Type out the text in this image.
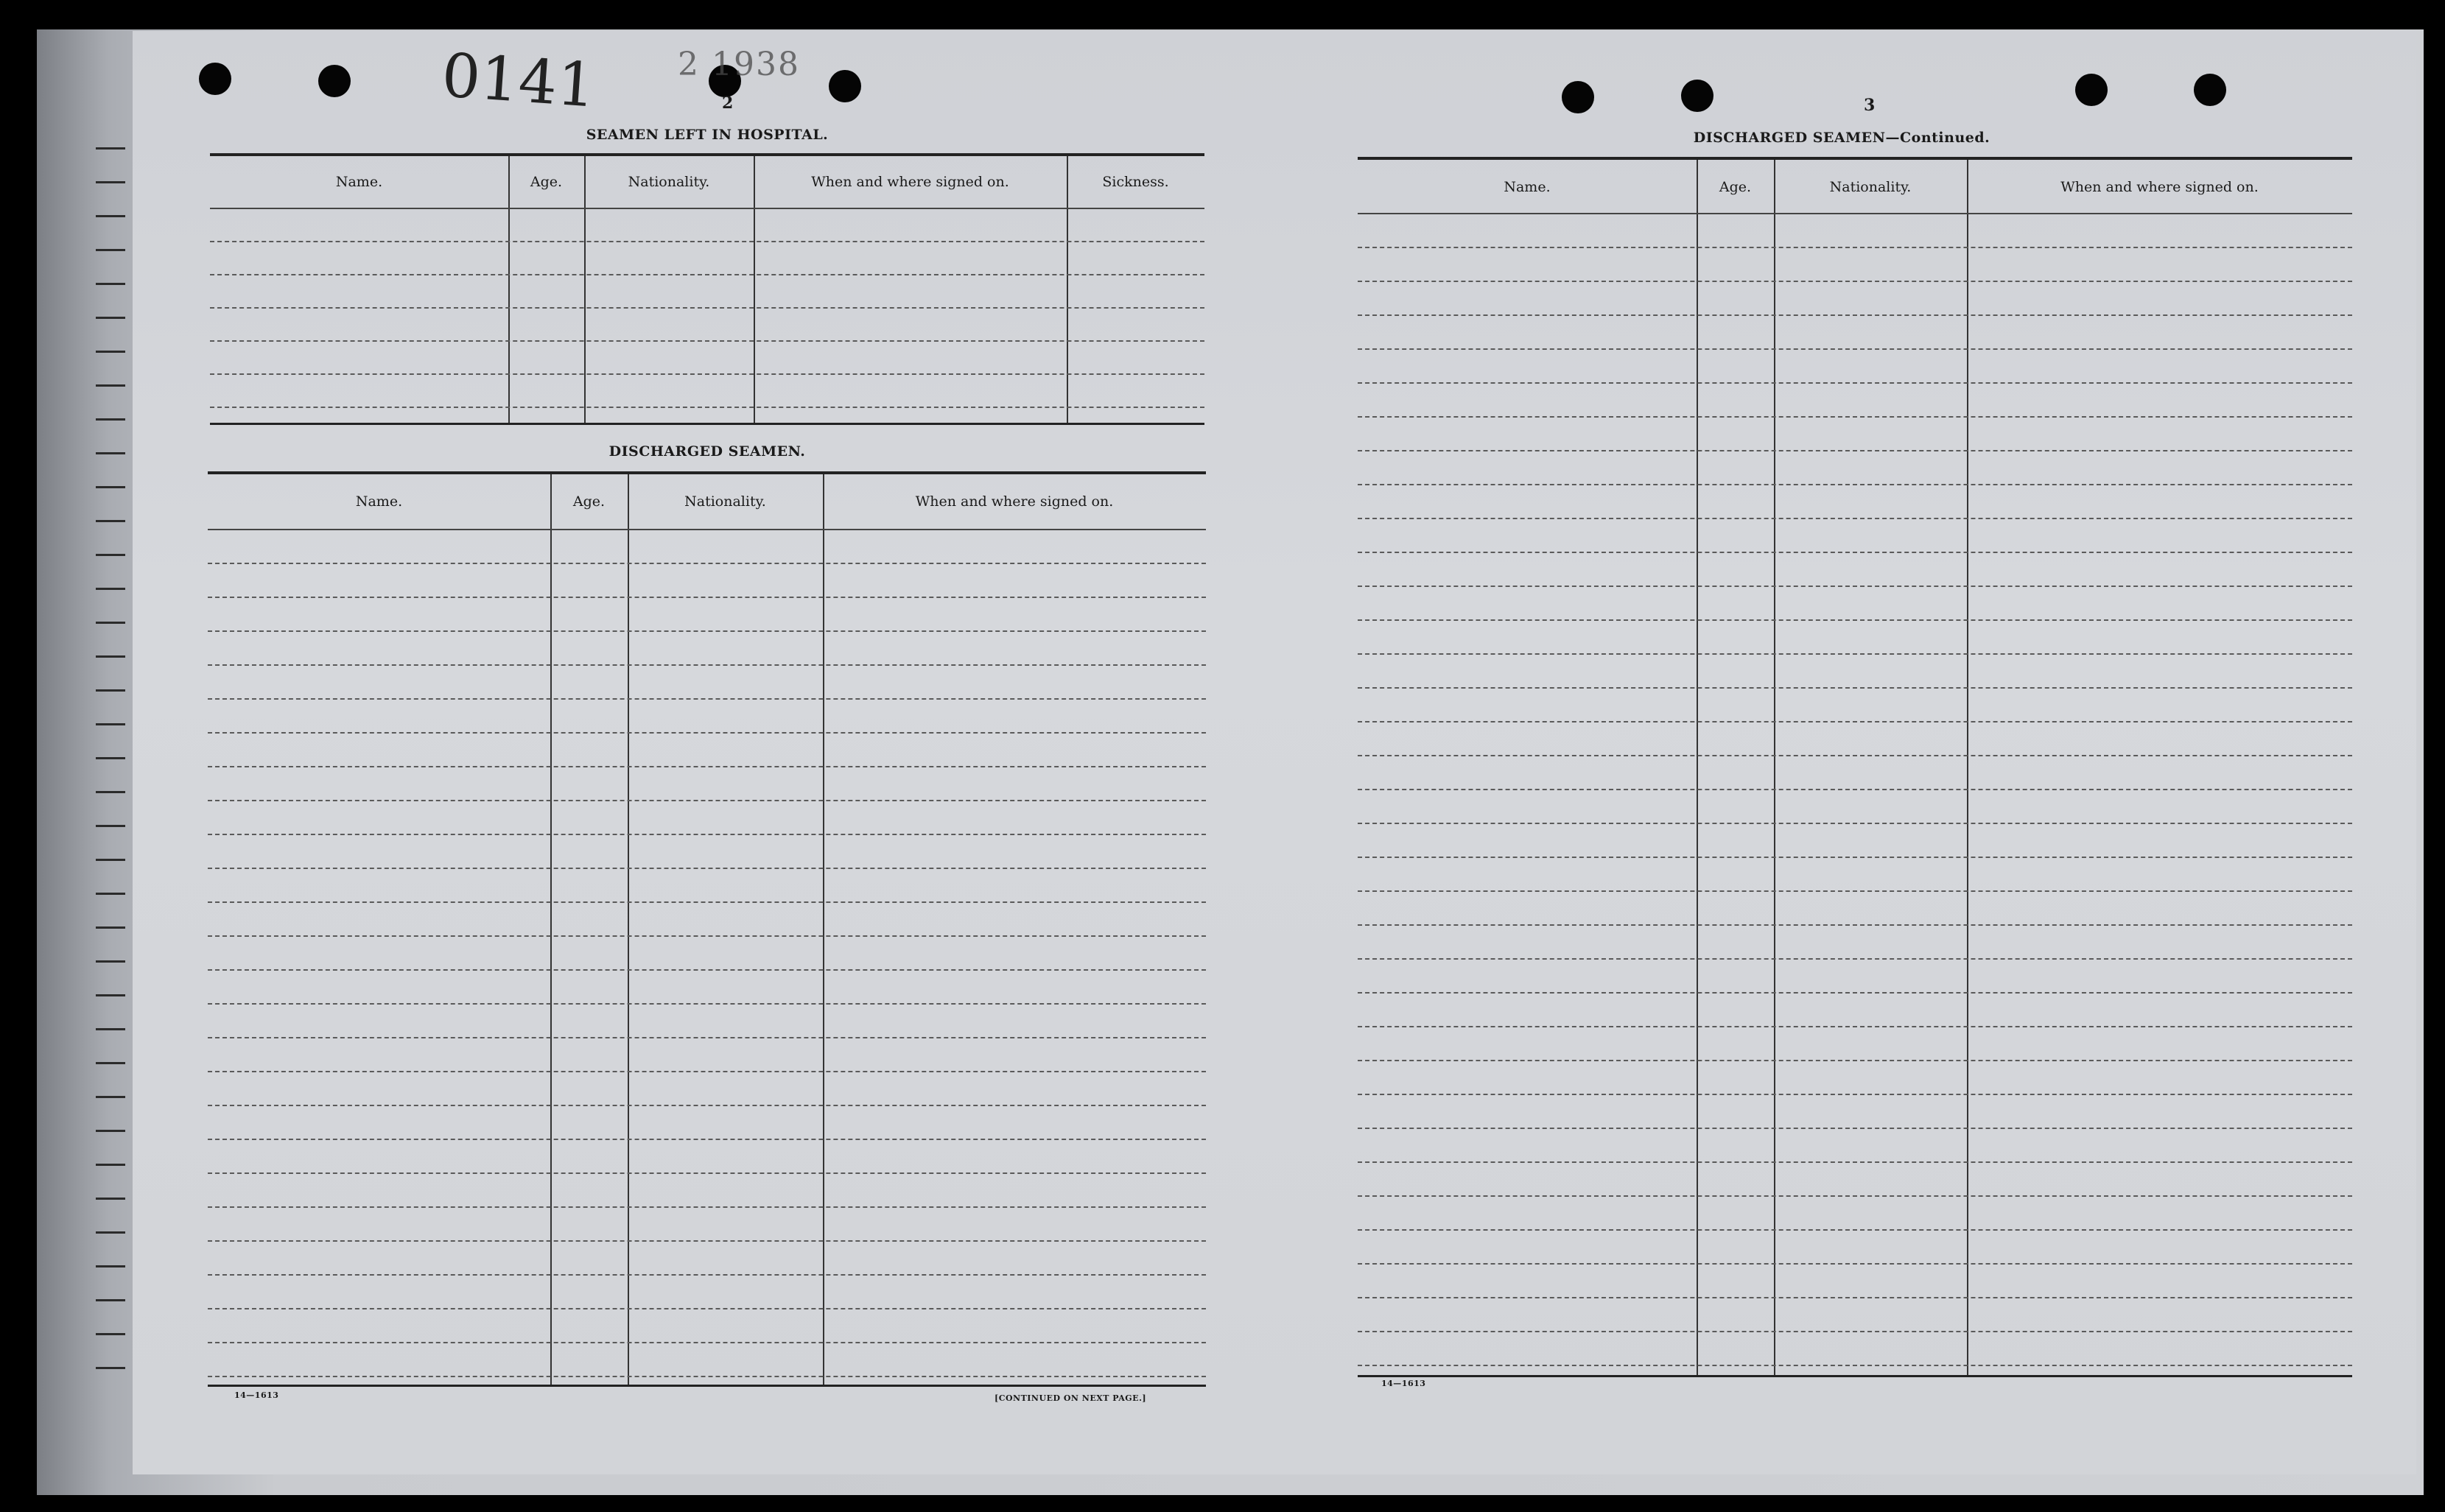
0141 2 1938
2
SEAMEN LEFT IN HOSPITAL.
Name.	Age.	Nationality.	When and where signed on.	Sickness.
DISCHARGED SEAMEN.
Name.	Age.	Nationality.	When and where signed on.
14—1613	[CONTINUED ON NEXT PAGE.]
3
DISCHARGED SEAMEN—Continued.
Name.	Age.	Nationality.	When and where signed on.
14—1613
